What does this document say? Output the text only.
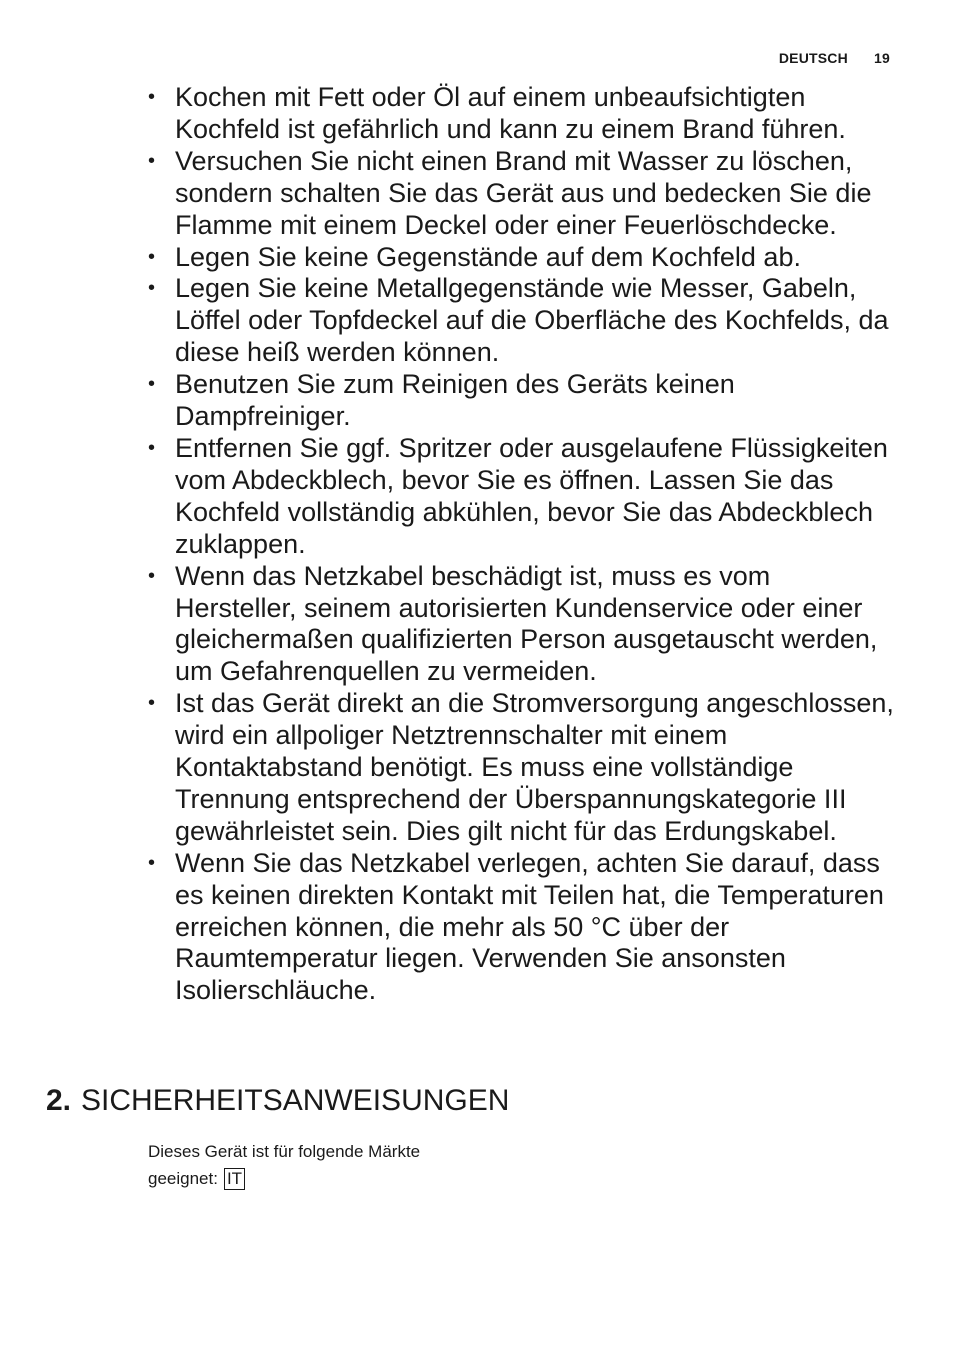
DEUTSCH 19
• Kochen mit Fett oder Öl auf einem unbeaufsichtigten Kochfeld ist gefährlich und kann zu einem Brand führen.
• Versuchen Sie nicht einen Brand mit Wasser zu löschen, sondern schalten Sie das Gerät aus und bedecken Sie die Flamme mit einem Deckel oder einer Feuerlöschdecke.
• Legen Sie keine Gegenstände auf dem Kochfeld ab.
• Legen Sie keine Metallgegenstände wie Messer, Gabeln, Löffel oder Topfdeckel auf die Oberfläche des Kochfelds, da diese heiß werden können.
• Benutzen Sie zum Reinigen des Geräts keinen Dampfreiniger.
• Entfernen Sie ggf. Spritzer oder ausgelaufene Flüssigkeiten vom Abdeckblech, bevor Sie es öffnen. Lassen Sie das Kochfeld vollständig abkühlen, bevor Sie das Abdeckblech zuklappen.
• Wenn das Netzkabel beschädigt ist, muss es vom Hersteller, seinem autorisierten Kundenservice oder einer gleichermaßen qualifizierten Person ausgetauscht werden, um Gefahrenquellen zu vermeiden.
• Ist das Gerät direkt an die Stromversorgung angeschlossen, wird ein allpoliger Netztrennschalter mit einem Kontaktabstand benötigt. Es muss eine vollständige Trennung entsprechend der Überspannungskategorie III gewährleistet sein. Dies gilt nicht für das Erdungskabel.
• Wenn Sie das Netzkabel verlegen, achten Sie darauf, dass es keinen direkten Kontakt mit Teilen hat, die Temperaturen erreichen können, die mehr als 50 °C über der Raumtemperatur liegen. Verwenden Sie ansonsten Isolierschläuche.
2. SICHERHEITSANWEISUNGEN
Dieses Gerät ist für folgende Märkte
geeignet: IT
